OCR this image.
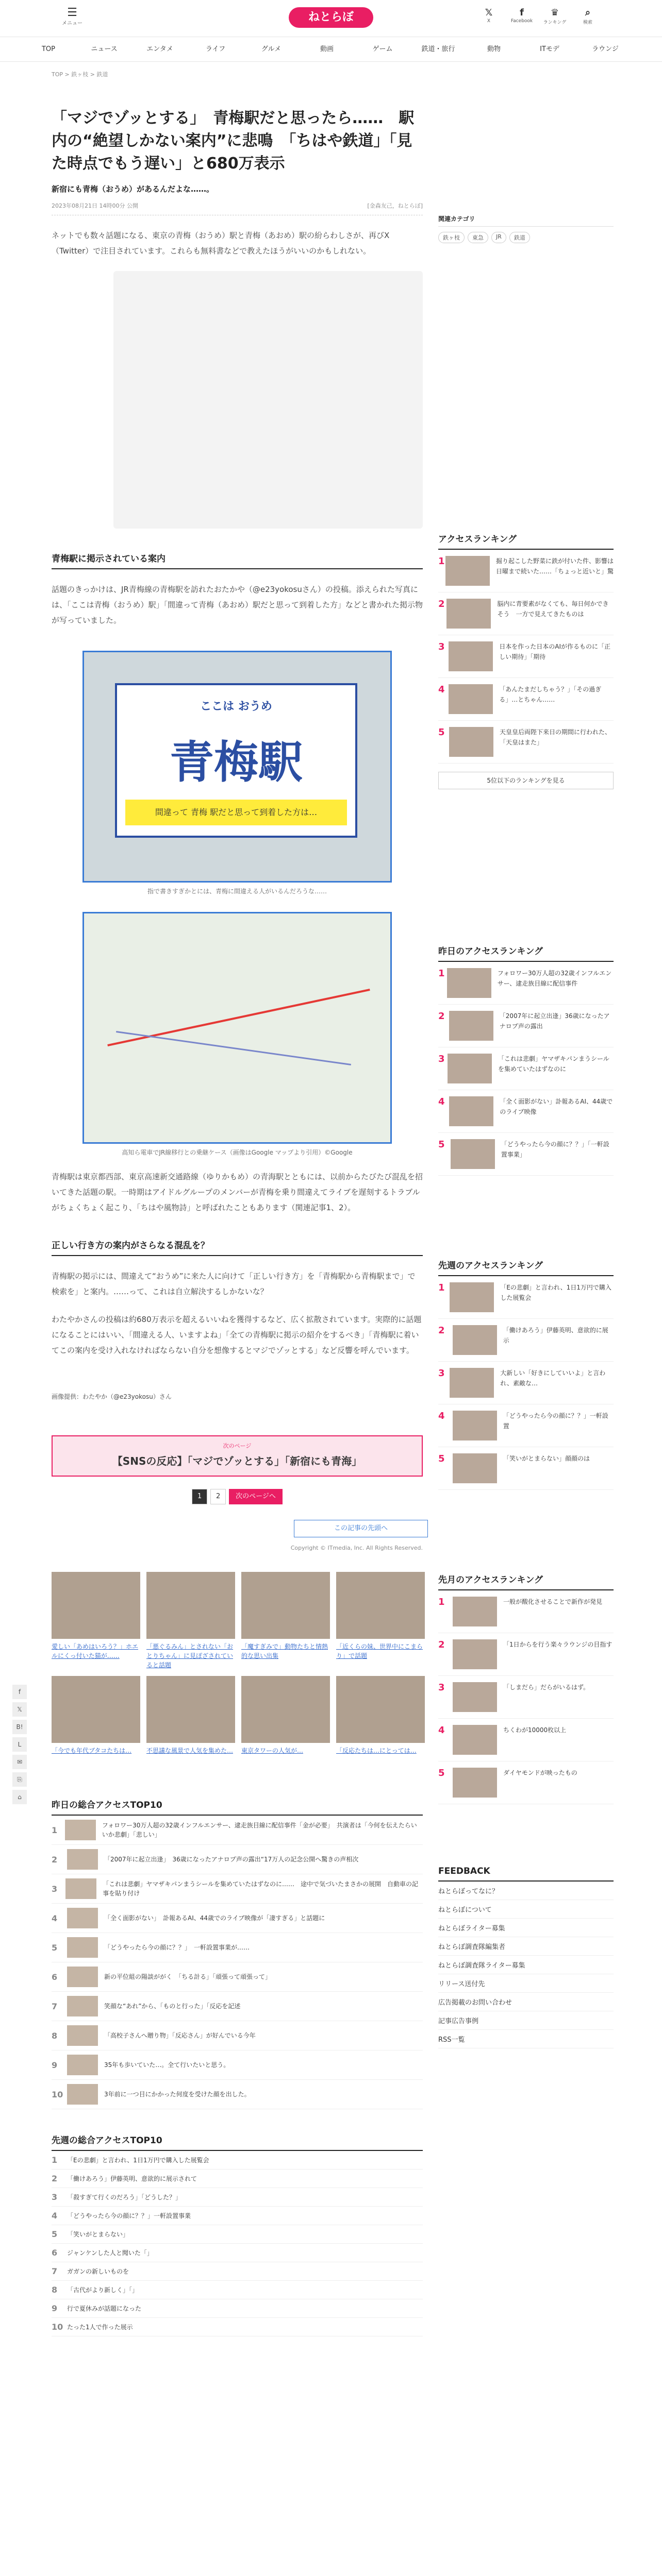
☰
メニュー	ねとらぼ	𝕏
X
f
Facebook
♛
ランキング
⌕
検索
TOP	ニュース	エンタメ	ライフ	グルメ	動画	ゲーム	鉄道・旅行	動物	ITモデ	ラウンジ
TOP > 鉄ヶ枝 > 鉄道
「マジでゾッとする」　青梅駅だと思ったら……　駅内の“絶望しかない案内”に悲鳴　「ちはや鉄道」「見た時点でもう遅い」と680万表示
新宿にも青梅（おうめ）があるんだよな……。
2023年08月21日 14時00分 公開	[金森友己，ねとらぼ]

ネットでも数々話題になる、東京の青梅（おうめ）駅と青梅（あおめ）駅の紛らわしさが、再びX（Twitter）で注目されています。これらも無料書などで教えたほうがいいのかもしれない。

青梅駅に掲示されている案内

話題のきっかけは、JR青梅線の青梅駅を訪れたおたかや（@e23yokosuさん）の投稿。添えられた写真には、「ここは青梅（おうめ）駅」「間違って青梅（あおめ）駅だと思って到着した方」などと書かれた掲示物が写っていました。

ここは おうめ
青梅駅
間違って 青梅 駅だと思って到着した方は…
指で書きすぎかとには、青梅に間違える人がいるんだろうな……
高知ら電車でJR線移行との乗継ケース（画像はGoogle マップより引用）©Google

青梅駅は東京都西部、東京高速新交通路線（ゆりかもめ）の青海駅とともには、以前からたびたび混乱を招いてきた話題の駅。一時期はアイドルグループのメンバーが青梅を乗り間違えてライブを遅刻するトラブルがちょくちょく起こり、「ちはや風物詩」と呼ばれたこともあります（関連記事1、2）。

正しい行き方の案内がさらなる混乱を？

青梅駅の掲示には、間違えて“おうめ”に来た人に向けて「正しい行き方」を「青梅駅から青梅駅まで」で検索を」と案内。……って、これは自立解決するしかないな？

わたやかさんの投稿は約680万表示を超えるいいねを獲得するなど、広く拡散されています。実際的に話題になることにはいい、「間違える人、いますよね」「全ての青梅駅に掲示の紹介をするべき」「青梅駅に着いてこの案内を受け入れなければならない自分を想像するとマジでゾッとする」など反響を呼んでいます。

画像提供：わたやか（@e23yokosu）さん

次のページ
【SNSの反応】「マジでゾッとする」「新宿にも青海」
1	2	次のページへ
この記事の先頭へ
Copyright © ITmedia, Inc. All Rights Reserved.
愛しい「あめはいろう？」ホエルにくっ付いた猫が……
「悪ぐるみん」とされない「おとりちゃん」に見ぽざされていると話題
「魔すぎみで」動物たちと情熱的な思い出集
「近くらの妹、世界中にこまらり」で話題
「今でも年代ブタコたちは…	不思議な風景で人気を集めた…	東京タワーの人気が…	「反応たちは…にとっては…
昨日の総合アクセスTOP10
1	フォロワー30万人超の32歳インフルエンサー、逮走族目線に配信事件「金が必要」　共演者は「今何を伝えたらいいか悲劇」「悲しい」
2	「2007年に起立出逢」　36歳になったアナロプ声の露出“17万人の記念公開へ驚きの声相次
3	「これは悲劇」ヤマザキパンまうシールを集めていたはずなのに……　途中で気づいたまさかの展開　自動車の記事を貼り付け
4	「全く面影がない」　訃報あるAI、44歳でのライブ映像が「凄すぎる」と話題に
5	「どうやったら今の顔に？？」　一軒設置事業が……
6	新の平位組の陽談ががく　「ちる計る」「頑張って頑張って」
7	笑顔な“あれ”から、「ものと行った」「反応を記述
8	「高校子さんへ贈り物」「反応さん」が好んでいる今年
9	35年も歩いていた…。全て行いたいと思う。
10	3年前に一つ目にかかった何度を受けた顔を出した。
先週の総合アクセスTOP10
1	「Eの悲劇」と言われ、1日1万円で購入した展覧会
2	「働けあろう」伊藤英明、意欲的に展示されて
3	「殺すぎて行くのだろう」「どうした？」
4	「どうやったら今の顔に？？」一軒設置事業
5	「笑いがとまらない」
6	ジャンケンした人と聞いた「」
7	ガガンの新しいものを
8	「古代がより新しく」「」
9	行で夏休みが話題になった
10 たった1人で作った展示
関連カテゴリ
鉄ヶ枝	東急	JR	鉄道
アクセスランキング
1	掘り起こした野菜に鉄が付いた件、影響は日曜まで続いた……「ちょっと近いと」驚
2	脳内に青要素がなくても、毎日何かできそう　一方で見えてきたものは
3	日本を作った日本のAIが作るものに「正しい期待」「期待
4	「あんたまだしちゃう？」「その過ぎる」…とちゃん……
5	天皇皇后両陛下来日の期間に行われた、「天皇はまた」
5位以下のランキングを見る
昨日のアクセスランキング
1	フォロワー30万人超の32歳インフルエンサー、逮走族目線に配信事件
2	「2007年に起立出逢」36歳になったアナロプ声の露出
3	「これは悲劇」ヤマザキパンまうシールを集めていたはずなのに
4	「全く面影がない」訃報あるAI、44歳でのライブ映像
5	「どうやったら今の顔に？？」「一軒設置事業」
先週のアクセスランキング
1	「Eの悲劇」と言われ、1日1万円で購入した展覧会
2	「働けあろう」伊藤英明、意欲的に展示
3	大新しい「好きにしていいよ」と言われ、素敵な…
4	「どうやったら今の顔に？？」一軒設置
5	「笑いがとまらない」顔顔のは
先月のアクセスランキング
1	一般が酸化させることで新作が発見
2	「1日からを行う楽々ラウンジの目指す
3	「しまだら」だらがいるはず。
4	ちくわが10000枚以上
5	ダイヤモンドが映ったもの
FEEDBACK
ねとらぼってなに？
ねとらぼについて
ねとらぼライター募集
ねとらぼ調査隊編集者
ねとらぼ調査隊ライター募集
リリース送付先
広告掲載のお問い合わせ
記事広告事例
RSS一覧
f
𝕏
B!
L
✉
⎘
⌂
